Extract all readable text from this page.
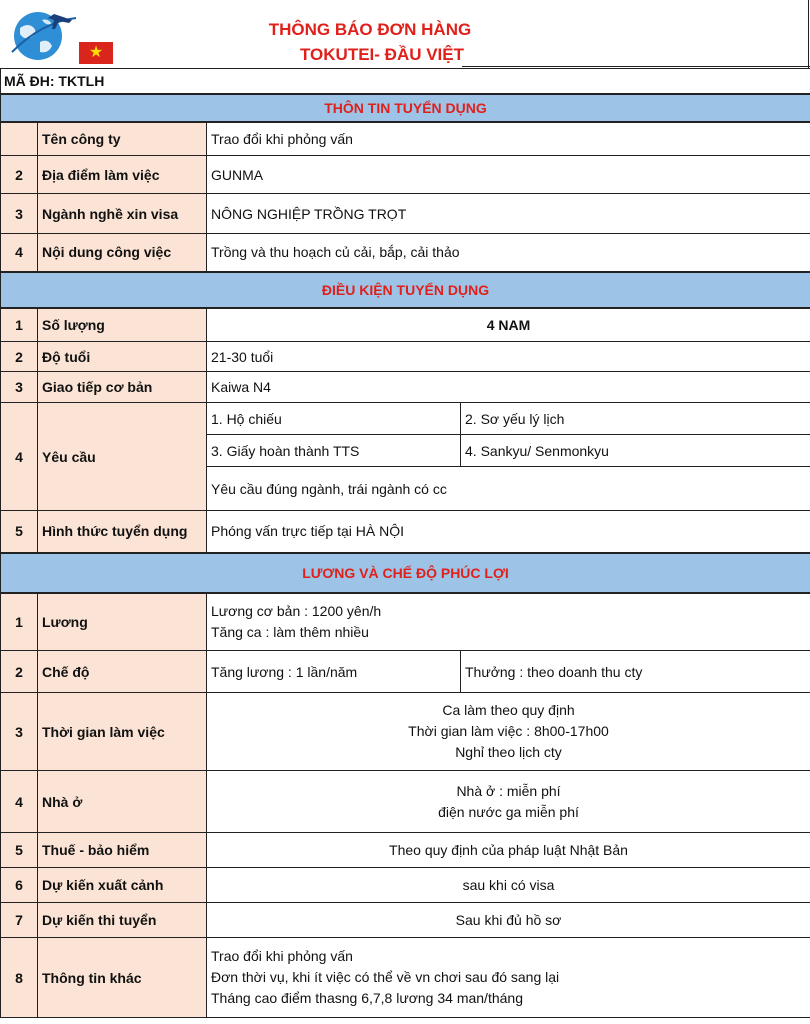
★
THÔNG BÁO ĐƠN HÀNG
TOKUTEI- ĐẦU VIỆT
MÃ ĐH: TKTLH			
THÔN TIN TUYỂN DỤNG			
	Tên công ty	Trao đổi khi phỏng vấn	
2	Địa điểm làm việc	GUNMA	
3	Ngành nghề xin visa	NÔNG NGHIỆP TRỒNG TRỌT	
4	Nội dung công việc	Trồng và thu hoạch củ cải, bắp, cải thảo	
ĐIỀU KIỆN TUYỂN DỤNG			
1	Số lượng	4 NAM	
2	Độ tuổi	21-30 tuổi	
3	Giao tiếp cơ bản	Kaiwa N4	
4	Yêu cầu	1. Hộ chiếu	2. Sơ yếu lý lịch
		3. Giấy hoàn thành TTS	4. Sankyu/ Senmonkyu
		Yêu cầu đúng ngành, trái ngành có cc	
5	Hình thức tuyển dụng	Phóng vấn trực tiếp tại HÀ NỘI	
LƯƠNG VÀ CHẾ ĐỘ PHÚC LỢI			
1	Lương	Lương cơ bản : 1200 yên/h
Tăng ca : làm thêm nhiều	

2	Chế độ	Tăng lương : 1 lần/năm	Thưởng : theo doanh thu cty
3	Thời gian làm việc	Ca làm theo quy định
Thời gian làm việc : 8h00-17h00
Nghỉ theo lịch cty	

4	Nhà ở	Nhà ở : miễn phí
điện nước ga miễn phí	

5	Thuế - bảo hiểm	Theo quy định của pháp luật Nhật Bản	
6	Dự kiến xuất cảnh	sau khi có visa	
7	Dự kiến thi tuyển	Sau khi đủ hồ sơ	
8	Thông tin khác	Trao đổi khi phỏng vấn
Đơn thời vụ, khi ít việc có thể về vn chơi sau đó sang lại
Tháng cao điểm thasng 6,7,8 lương 34 man/tháng	
